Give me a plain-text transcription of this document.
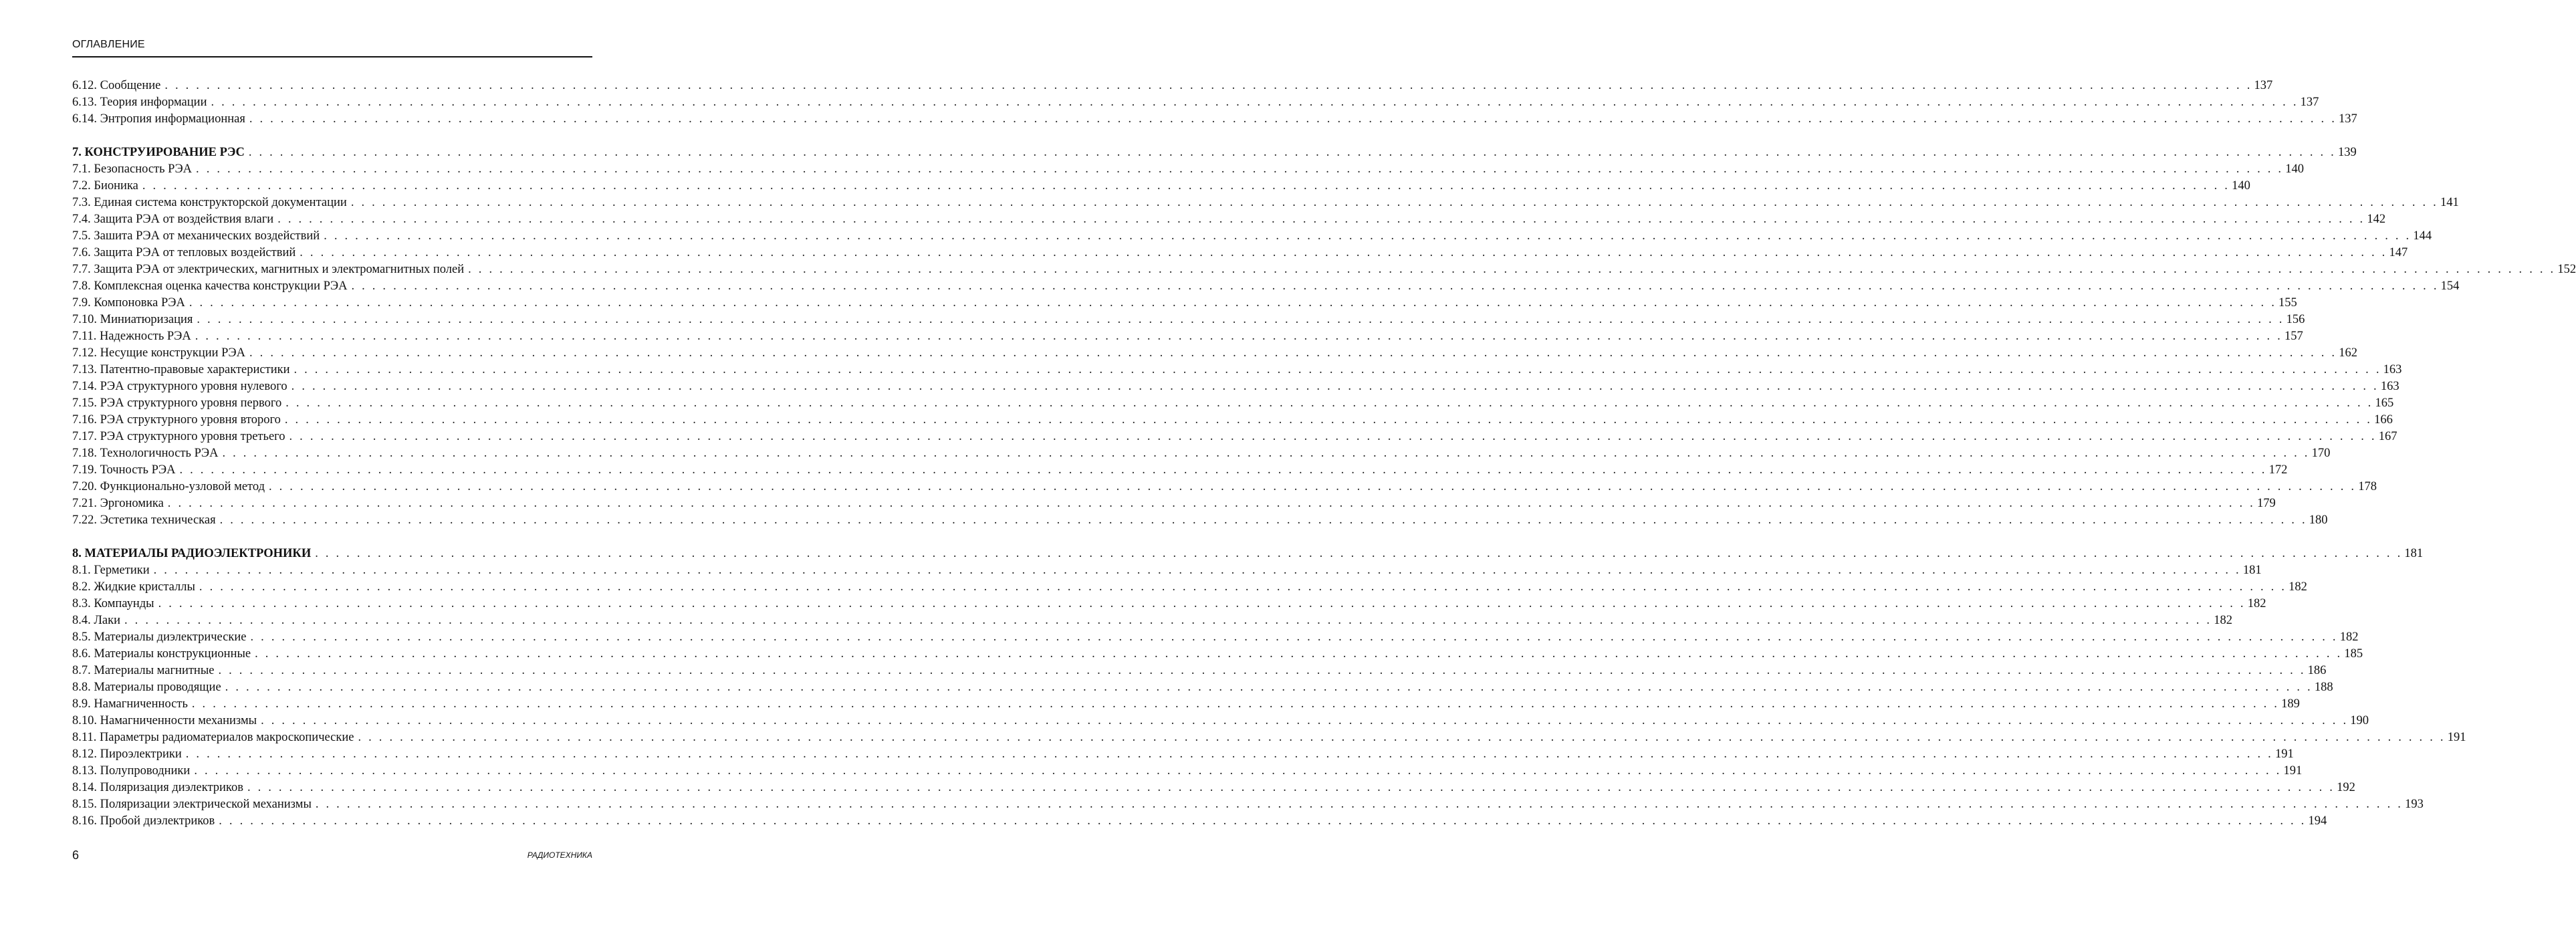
ОГЛАВЛЕНИЕ
6.12. Сообщение . . . . . . . . . . . . . . . . . . . . . . . . . . . . . . . . . . . . . . . . . . . . . . . . . . . . . . . . . . . . . . . . . . . . . . . . . . . . . . . . . . . . . . . . . . . . . . . . . . . . . . . . . . . . . . . . . . . . . . . . . . . . . . . . . . . . . . . . . . . . . . . . . . . . . . . . . . . . . . . . . . . . . . . . . . . . . . . . . . . . . . . . . . . . . . . . . . . . . . . . 137
6.13. Теория информации . . . . . . . . . . . . . . . . . . . . . . . . . . . . . . . . . . . . . . . . . . . . . . . . . . . . . . . . . . . . . . . . . . . . . . . . . . . . . . . . . . . . . . . . . . . . . . . . . . . . . . . . . . . . . . . . . . . . . . . . . . . . . . . . . . . . . . . . . . . . . . . . . . . . . . . . . . . . . . . . . . . . . . . . . . . . . . . . . . . . . . . . . . . . . . . . . . . . . . . . 137
6.14. Энтропия информационная . . . . . . . . . . . . . . . . . . . . . . . . . . . . . . . . . . . . . . . . . . . . . . . . . . . . . . . . . . . . . . . . . . . . . . . . . . . . . . . . . . . . . . . . . . . . . . . . . . . . . . . . . . . . . . . . . . . . . . . . . . . . . . . . . . . . . . . . . . . . . . . . . . . . . . . . . . . . . . . . . . . . . . . . . . . . . . . . . . . . . . . . . . . . . . . . . . . . . . . . 137
7. КОНСТРУИРОВАНИЕ РЭС . . . . . . . . . . . . . . . . . . . . . . . . . . . . . . . . . . . . . . . . . . . . . . . . . . . . . . . . . . . . . . . . . . . . . . . . . . . . . . . . . . . . . . . . . . . . . . . . . . . . . . . . . . . . . . . . . . . . . . . . . . . . . . . . . . . . . . . . . . . . . . . . . . . . . . . . . . . . . . . . . . . . . . . . . . . . . . . . . . . . . . . . . . . . . . . . . . . . . . . . 139
7.1. Безопасность РЭА . . . . . . . . . . . . . . . . . . . . . . . . . . . . . . . . . . . . . . . . . . . . . . . . . . . . . . . . . . . . . . . . . . . . . . . . . . . . . . . . . . . . . . . . . . . . . . . . . . . . . . . . . . . . . . . . . . . . . . . . . . . . . . . . . . . . . . . . . . . . . . . . . . . . . . . . . . . . . . . . . . . . . . . . . . . . . . . . . . . . . . . . . . . . . . . . . . . . . . . . 140
7.2. Бионика . . . . . . . . . . . . . . . . . . . . . . . . . . . . . . . . . . . . . . . . . . . . . . . . . . . . . . . . . . . . . . . . . . . . . . . . . . . . . . . . . . . . . . . . . . . . . . . . . . . . . . . . . . . . . . . . . . . . . . . . . . . . . . . . . . . . . . . . . . . . . . . . . . . . . . . . . . . . . . . . . . . . . . . . . . . . . . . . . . . . . . . . . . . . . . . . . . . . . . . . 140
7.3. Единая система конструкторской документации . . . . . . . . . . . . . . . . . . . . . . . . . . . . . . . . . . . . . . . . . . . . . . . . . . . . . . . . . . . . . . . . . . . . . . . . . . . . . . . . . . . . . . . . . . . . . . . . . . . . . . . . . . . . . . . . . . . . . . . . . . . . . . . . . . . . . . . . . . . . . . . . . . . . . . . . . . . . . . . . . . . . . . . . . . . . . . . . . . . . . . . . . . . . . . . . . . . . . . . . 141
7.4. Защита РЭА от воздействия влаги . . . . . . . . . . . . . . . . . . . . . . . . . . . . . . . . . . . . . . . . . . . . . . . . . . . . . . . . . . . . . . . . . . . . . . . . . . . . . . . . . . . . . . . . . . . . . . . . . . . . . . . . . . . . . . . . . . . . . . . . . . . . . . . . . . . . . . . . . . . . . . . . . . . . . . . . . . . . . . . . . . . . . . . . . . . . . . . . . . . . . . . . . . . . . . . . . . . . . . . . 142
7.5. Зашита РЭА от механических воздействий . . . . . . . . . . . . . . . . . . . . . . . . . . . . . . . . . . . . . . . . . . . . . . . . . . . . . . . . . . . . . . . . . . . . . . . . . . . . . . . . . . . . . . . . . . . . . . . . . . . . . . . . . . . . . . . . . . . . . . . . . . . . . . . . . . . . . . . . . . . . . . . . . . . . . . . . . . . . . . . . . . . . . . . . . . . . . . . . . . . . . . . . . . . . . . . . . . . . . . . . 144
7.6. Защита РЭА от тепловых воздействий . . . . . . . . . . . . . . . . . . . . . . . . . . . . . . . . . . . . . . . . . . . . . . . . . . . . . . . . . . . . . . . . . . . . . . . . . . . . . . . . . . . . . . . . . . . . . . . . . . . . . . . . . . . . . . . . . . . . . . . . . . . . . . . . . . . . . . . . . . . . . . . . . . . . . . . . . . . . . . . . . . . . . . . . . . . . . . . . . . . . . . . . . . . . . . . . . . . . . . . . 147
7.7. Защита РЭА от электрических, магнитных и электромагнитных полей . . . . . . . . . . . . . . . . . . . . . . . . . . . . . . . . . . . . . . . . . . . . . . . . . . . . . . . . . . . . . . . . . . . . . . . . . . . . . . . . . . . . . . . . . . . . . . . . . . . . . . . . . . . . . . . . . . . . . . . . . . . . . . . . . . . . . . . . . . . . . . . . . . . . . . . . . . . . . . . . . . . . . . . . . . . . . . . . . . . . . . . . . . . . . . . . . . . . . . . . 152
7.8. Комплексная оценка качества конструкции РЭА . . . . . . . . . . . . . . . . . . . . . . . . . . . . . . . . . . . . . . . . . . . . . . . . . . . . . . . . . . . . . . . . . . . . . . . . . . . . . . . . . . . . . . . . . . . . . . . . . . . . . . . . . . . . . . . . . . . . . . . . . . . . . . . . . . . . . . . . . . . . . . . . . . . . . . . . . . . . . . . . . . . . . . . . . . . . . . . . . . . . . . . . . . . . . . . . . . . . . . . . 154
7.9. Компоновка РЭА . . . . . . . . . . . . . . . . . . . . . . . . . . . . . . . . . . . . . . . . . . . . . . . . . . . . . . . . . . . . . . . . . . . . . . . . . . . . . . . . . . . . . . . . . . . . . . . . . . . . . . . . . . . . . . . . . . . . . . . . . . . . . . . . . . . . . . . . . . . . . . . . . . . . . . . . . . . . . . . . . . . . . . . . . . . . . . . . . . . . . . . . . . . . . . . . . . . . . . . . 155
7.10. Миниатюризация . . . . . . . . . . . . . . . . . . . . . . . . . . . . . . . . . . . . . . . . . . . . . . . . . . . . . . . . . . . . . . . . . . . . . . . . . . . . . . . . . . . . . . . . . . . . . . . . . . . . . . . . . . . . . . . . . . . . . . . . . . . . . . . . . . . . . . . . . . . . . . . . . . . . . . . . . . . . . . . . . . . . . . . . . . . . . . . . . . . . . . . . . . . . . . . . . . . . . . . . 156
7.11. Надежность РЭА . . . . . . . . . . . . . . . . . . . . . . . . . . . . . . . . . . . . . . . . . . . . . . . . . . . . . . . . . . . . . . . . . . . . . . . . . . . . . . . . . . . . . . . . . . . . . . . . . . . . . . . . . . . . . . . . . . . . . . . . . . . . . . . . . . . . . . . . . . . . . . . . . . . . . . . . . . . . . . . . . . . . . . . . . . . . . . . . . . . . . . . . . . . . . . . . . . . . . . . . 157
7.12. Несущие конструкции РЭА . . . . . . . . . . . . . . . . . . . . . . . . . . . . . . . . . . . . . . . . . . . . . . . . . . . . . . . . . . . . . . . . . . . . . . . . . . . . . . . . . . . . . . . . . . . . . . . . . . . . . . . . . . . . . . . . . . . . . . . . . . . . . . . . . . . . . . . . . . . . . . . . . . . . . . . . . . . . . . . . . . . . . . . . . . . . . . . . . . . . . . . . . . . . . . . . . . . . . . . . 162
7.13. Патентно-правовые характеристики . . . . . . . . . . . . . . . . . . . . . . . . . . . . . . . . . . . . . . . . . . . . . . . . . . . . . . . . . . . . . . . . . . . . . . . . . . . . . . . . . . . . . . . . . . . . . . . . . . . . . . . . . . . . . . . . . . . . . . . . . . . . . . . . . . . . . . . . . . . . . . . . . . . . . . . . . . . . . . . . . . . . . . . . . . . . . . . . . . . . . . . . . . . . . . . . . . . . . . . . 163
7.14. РЭА структурного уровня нулевого . . . . . . . . . . . . . . . . . . . . . . . . . . . . . . . . . . . . . . . . . . . . . . . . . . . . . . . . . . . . . . . . . . . . . . . . . . . . . . . . . . . . . . . . . . . . . . . . . . . . . . . . . . . . . . . . . . . . . . . . . . . . . . . . . . . . . . . . . . . . . . . . . . . . . . . . . . . . . . . . . . . . . . . . . . . . . . . . . . . . . . . . . . . . . . . . . . . . . . . . 163
7.15. РЭА структурного уровня первого . . . . . . . . . . . . . . . . . . . . . . . . . . . . . . . . . . . . . . . . . . . . . . . . . . . . . . . . . . . . . . . . . . . . . . . . . . . . . . . . . . . . . . . . . . . . . . . . . . . . . . . . . . . . . . . . . . . . . . . . . . . . . . . . . . . . . . . . . . . . . . . . . . . . . . . . . . . . . . . . . . . . . . . . . . . . . . . . . . . . . . . . . . . . . . . . . . . . . . . . 165
7.16. РЭА структурного уровня второго . . . . . . . . . . . . . . . . . . . . . . . . . . . . . . . . . . . . . . . . . . . . . . . . . . . . . . . . . . . . . . . . . . . . . . . . . . . . . . . . . . . . . . . . . . . . . . . . . . . . . . . . . . . . . . . . . . . . . . . . . . . . . . . . . . . . . . . . . . . . . . . . . . . . . . . . . . . . . . . . . . . . . . . . . . . . . . . . . . . . . . . . . . . . . . . . . . . . . . . . 166
7.17. РЭА структурного уровня третьего . . . . . . . . . . . . . . . . . . . . . . . . . . . . . . . . . . . . . . . . . . . . . . . . . . . . . . . . . . . . . . . . . . . . . . . . . . . . . . . . . . . . . . . . . . . . . . . . . . . . . . . . . . . . . . . . . . . . . . . . . . . . . . . . . . . . . . . . . . . . . . . . . . . . . . . . . . . . . . . . . . . . . . . . . . . . . . . . . . . . . . . . . . . . . . . . . . . . . . . . 167
7.18. Технологичность РЭА . . . . . . . . . . . . . . . . . . . . . . . . . . . . . . . . . . . . . . . . . . . . . . . . . . . . . . . . . . . . . . . . . . . . . . . . . . . . . . . . . . . . . . . . . . . . . . . . . . . . . . . . . . . . . . . . . . . . . . . . . . . . . . . . . . . . . . . . . . . . . . . . . . . . . . . . . . . . . . . . . . . . . . . . . . . . . . . . . . . . . . . . . . . . . . . . . . . . . . . . 170
7.19. Точность РЭА . . . . . . . . . . . . . . . . . . . . . . . . . . . . . . . . . . . . . . . . . . . . . . . . . . . . . . . . . . . . . . . . . . . . . . . . . . . . . . . . . . . . . . . . . . . . . . . . . . . . . . . . . . . . . . . . . . . . . . . . . . . . . . . . . . . . . . . . . . . . . . . . . . . . . . . . . . . . . . . . . . . . . . . . . . . . . . . . . . . . . . . . . . . . . . . . . . . . . . . . 172
7.20. Функционально-узловой метод . . . . . . . . . . . . . . . . . . . . . . . . . . . . . . . . . . . . . . . . . . . . . . . . . . . . . . . . . . . . . . . . . . . . . . . . . . . . . . . . . . . . . . . . . . . . . . . . . . . . . . . . . . . . . . . . . . . . . . . . . . . . . . . . . . . . . . . . . . . . . . . . . . . . . . . . . . . . . . . . . . . . . . . . . . . . . . . . . . . . . . . . . . . . . . . . . . . . . . . . 178
7.21. Эргономика . . . . . . . . . . . . . . . . . . . . . . . . . . . . . . . . . . . . . . . . . . . . . . . . . . . . . . . . . . . . . . . . . . . . . . . . . . . . . . . . . . . . . . . . . . . . . . . . . . . . . . . . . . . . . . . . . . . . . . . . . . . . . . . . . . . . . . . . . . . . . . . . . . . . . . . . . . . . . . . . . . . . . . . . . . . . . . . . . . . . . . . . . . . . . . . . . . . . . . . . 179
7.22. Эстетика техническая . . . . . . . . . . . . . . . . . . . . . . . . . . . . . . . . . . . . . . . . . . . . . . . . . . . . . . . . . . . . . . . . . . . . . . . . . . . . . . . . . . . . . . . . . . . . . . . . . . . . . . . . . . . . . . . . . . . . . . . . . . . . . . . . . . . . . . . . . . . . . . . . . . . . . . . . . . . . . . . . . . . . . . . . . . . . . . . . . . . . . . . . . . . . . . . . . . . . . . . . 180
8. МАТЕРИАЛЫ РАДИОЭЛЕКТРОНИКИ . . . . . . . . . . . . . . . . . . . . . . . . . . . . . . . . . . . . . . . . . . . . . . . . . . . . . . . . . . . . . . . . . . . . . . . . . . . . . . . . . . . . . . . . . . . . . . . . . . . . . . . . . . . . . . . . . . . . . . . . . . . . . . . . . . . . . . . . . . . . . . . . . . . . . . . . . . . . . . . . . . . . . . . . . . . . . . . . . . . . . . . . . . . . . . . . . . . . . . . . 181
8.1. Герметики . . . . . . . . . . . . . . . . . . . . . . . . . . . . . . . . . . . . . . . . . . . . . . . . . . . . . . . . . . . . . . . . . . . . . . . . . . . . . . . . . . . . . . . . . . . . . . . . . . . . . . . . . . . . . . . . . . . . . . . . . . . . . . . . . . . . . . . . . . . . . . . . . . . . . . . . . . . . . . . . . . . . . . . . . . . . . . . . . . . . . . . . . . . . . . . . . . . . . . . . 181
8.2. Жидкие кристаллы . . . . . . . . . . . . . . . . . . . . . . . . . . . . . . . . . . . . . . . . . . . . . . . . . . . . . . . . . . . . . . . . . . . . . . . . . . . . . . . . . . . . . . . . . . . . . . . . . . . . . . . . . . . . . . . . . . . . . . . . . . . . . . . . . . . . . . . . . . . . . . . . . . . . . . . . . . . . . . . . . . . . . . . . . . . . . . . . . . . . . . . . . . . . . . . . . . . . . . . . 182
8.3. Компаунды . . . . . . . . . . . . . . . . . . . . . . . . . . . . . . . . . . . . . . . . . . . . . . . . . . . . . . . . . . . . . . . . . . . . . . . . . . . . . . . . . . . . . . . . . . . . . . . . . . . . . . . . . . . . . . . . . . . . . . . . . . . . . . . . . . . . . . . . . . . . . . . . . . . . . . . . . . . . . . . . . . . . . . . . . . . . . . . . . . . . . . . . . . . . . . . . . . . . . . . . 182
8.4. Лаки . . . . . . . . . . . . . . . . . . . . . . . . . . . . . . . . . . . . . . . . . . . . . . . . . . . . . . . . . . . . . . . . . . . . . . . . . . . . . . . . . . . . . . . . . . . . . . . . . . . . . . . . . . . . . . . . . . . . . . . . . . . . . . . . . . . . . . . . . . . . . . . . . . . . . . . . . . . . . . . . . . . . . . . . . . . . . . . . . . . . . . . . . . . . . . . . . . . . . . . . 182
8.5. Материалы диэлектрические . . . . . . . . . . . . . . . . . . . . . . . . . . . . . . . . . . . . . . . . . . . . . . . . . . . . . . . . . . . . . . . . . . . . . . . . . . . . . . . . . . . . . . . . . . . . . . . . . . . . . . . . . . . . . . . . . . . . . . . . . . . . . . . . . . . . . . . . . . . . . . . . . . . . . . . . . . . . . . . . . . . . . . . . . . . . . . . . . . . . . . . . . . . . . . . . . . . . . . . . 182
8.6. Материалы конструкционные . . . . . . . . . . . . . . . . . . . . . . . . . . . . . . . . . . . . . . . . . . . . . . . . . . . . . . . . . . . . . . . . . . . . . . . . . . . . . . . . . . . . . . . . . . . . . . . . . . . . . . . . . . . . . . . . . . . . . . . . . . . . . . . . . . . . . . . . . . . . . . . . . . . . . . . . . . . . . . . . . . . . . . . . . . . . . . . . . . . . . . . . . . . . . . . . . . . . . . . . 185
8.7. Материалы магнитные . . . . . . . . . . . . . . . . . . . . . . . . . . . . . . . . . . . . . . . . . . . . . . . . . . . . . . . . . . . . . . . . . . . . . . . . . . . . . . . . . . . . . . . . . . . . . . . . . . . . . . . . . . . . . . . . . . . . . . . . . . . . . . . . . . . . . . . . . . . . . . . . . . . . . . . . . . . . . . . . . . . . . . . . . . . . . . . . . . . . . . . . . . . . . . . . . . . . . . . . 186
8.8. Материалы проводящие . . . . . . . . . . . . . . . . . . . . . . . . . . . . . . . . . . . . . . . . . . . . . . . . . . . . . . . . . . . . . . . . . . . . . . . . . . . . . . . . . . . . . . . . . . . . . . . . . . . . . . . . . . . . . . . . . . . . . . . . . . . . . . . . . . . . . . . . . . . . . . . . . . . . . . . . . . . . . . . . . . . . . . . . . . . . . . . . . . . . . . . . . . . . . . . . . . . . . . . . 188
8.9. Намагниченность . . . . . . . . . . . . . . . . . . . . . . . . . . . . . . . . . . . . . . . . . . . . . . . . . . . . . . . . . . . . . . . . . . . . . . . . . . . . . . . . . . . . . . . . . . . . . . . . . . . . . . . . . . . . . . . . . . . . . . . . . . . . . . . . . . . . . . . . . . . . . . . . . . . . . . . . . . . . . . . . . . . . . . . . . . . . . . . . . . . . . . . . . . . . . . . . . . . . . . . . 189
8.10. Намагниченности механизмы . . . . . . . . . . . . . . . . . . . . . . . . . . . . . . . . . . . . . . . . . . . . . . . . . . . . . . . . . . . . . . . . . . . . . . . . . . . . . . . . . . . . . . . . . . . . . . . . . . . . . . . . . . . . . . . . . . . . . . . . . . . . . . . . . . . . . . . . . . . . . . . . . . . . . . . . . . . . . . . . . . . . . . . . . . . . . . . . . . . . . . . . . . . . . . . . . . . . . . . . 190
8.11. Параметры радиоматериалов макроскопические . . . . . . . . . . . . . . . . . . . . . . . . . . . . . . . . . . . . . . . . . . . . . . . . . . . . . . . . . . . . . . . . . . . . . . . . . . . . . . . . . . . . . . . . . . . . . . . . . . . . . . . . . . . . . . . . . . . . . . . . . . . . . . . . . . . . . . . . . . . . . . . . . . . . . . . . . . . . . . . . . . . . . . . . . . . . . . . . . . . . . . . . . . . . . . . . . . . . . . . . 191
8.12. Пироэлектрики . . . . . . . . . . . . . . . . . . . . . . . . . . . . . . . . . . . . . . . . . . . . . . . . . . . . . . . . . . . . . . . . . . . . . . . . . . . . . . . . . . . . . . . . . . . . . . . . . . . . . . . . . . . . . . . . . . . . . . . . . . . . . . . . . . . . . . . . . . . . . . . . . . . . . . . . . . . . . . . . . . . . . . . . . . . . . . . . . . . . . . . . . . . . . . . . . . . . . . . . 191
8.13. Полупроводники . . . . . . . . . . . . . . . . . . . . . . . . . . . . . . . . . . . . . . . . . . . . . . . . . . . . . . . . . . . . . . . . . . . . . . . . . . . . . . . . . . . . . . . . . . . . . . . . . . . . . . . . . . . . . . . . . . . . . . . . . . . . . . . . . . . . . . . . . . . . . . . . . . . . . . . . . . . . . . . . . . . . . . . . . . . . . . . . . . . . . . . . . . . . . . . . . . . . . . . . 191
8.14. Поляризация диэлектриков . . . . . . . . . . . . . . . . . . . . . . . . . . . . . . . . . . . . . . . . . . . . . . . . . . . . . . . . . . . . . . . . . . . . . . . . . . . . . . . . . . . . . . . . . . . . . . . . . . . . . . . . . . . . . . . . . . . . . . . . . . . . . . . . . . . . . . . . . . . . . . . . . . . . . . . . . . . . . . . . . . . . . . . . . . . . . . . . . . . . . . . . . . . . . . . . . . . . . . . . 192
8.15. Поляризации электрической механизмы . . . . . . . . . . . . . . . . . . . . . . . . . . . . . . . . . . . . . . . . . . . . . . . . . . . . . . . . . . . . . . . . . . . . . . . . . . . . . . . . . . . . . . . . . . . . . . . . . . . . . . . . . . . . . . . . . . . . . . . . . . . . . . . . . . . . . . . . . . . . . . . . . . . . . . . . . . . . . . . . . . . . . . . . . . . . . . . . . . . . . . . . . . . . . . . . . . . . . . . . 193
8.16. Пробой диэлектриков . . . . . . . . . . . . . . . . . . . . . . . . . . . . . . . . . . . . . . . . . . . . . . . . . . . . . . . . . . . . . . . . . . . . . . . . . . . . . . . . . . . . . . . . . . . . . . . . . . . . . . . . . . . . . . . . . . . . . . . . . . . . . . . . . . . . . . . . . . . . . . . . . . . . . . . . . . . . . . . . . . . . . . . . . . . . . . . . . . . . . . . . . . . . . . . . . . . . . . . . 194
6	РАДИОТЕХНИКА
